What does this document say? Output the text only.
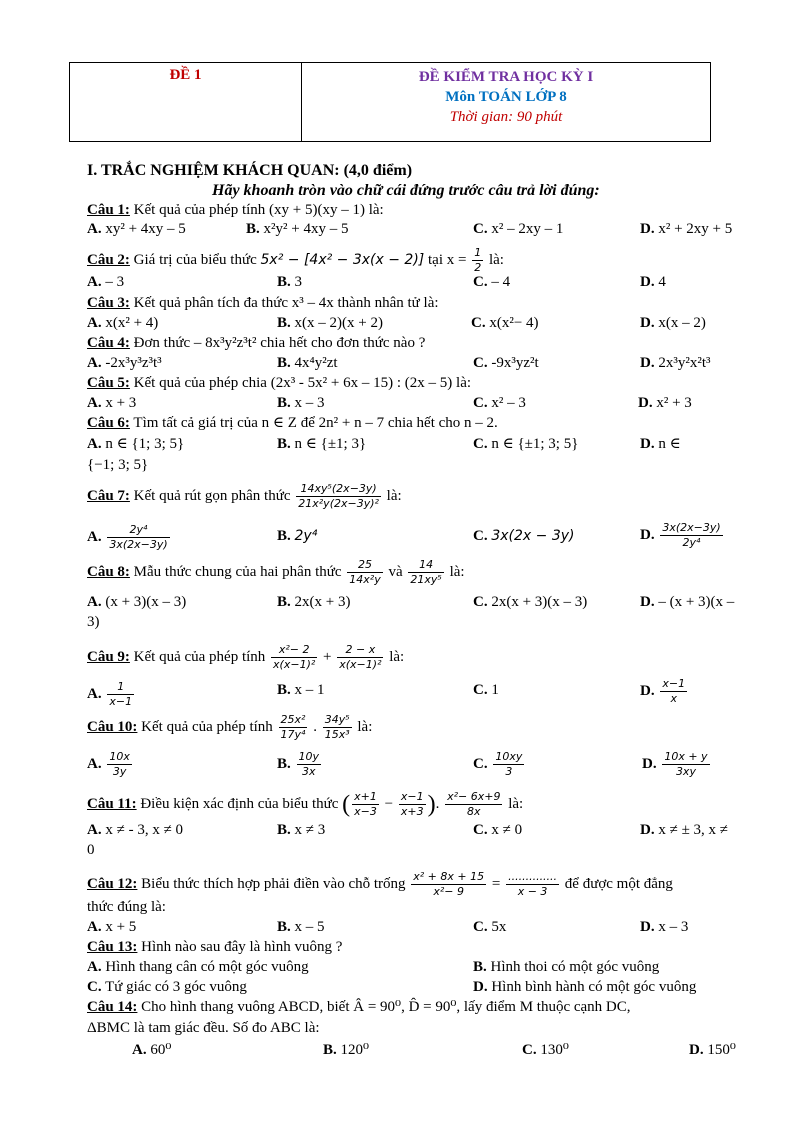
ĐỀ 1	ĐỀ KIỂM TRA HỌC KỲ I
Môn TOÁN LỚP 8
Thời gian: 90 phút
I. TRẮC NGHIỆM KHÁCH QUAN: (4,0 điểm)
Hãy khoanh tròn vào chữ cái đứng trước câu trả lời đúng:
Câu 1: Kết quả của phép tính (xy + 5)(xy – 1) là:
A. xy² + 4xy – 5	B. x²y² + 4xy – 5	C. x² – 2xy – 1	D. x² + 2xy + 5
Câu 2: Giá trị của biểu thức 5x² − [4x² − 3x(x − 2)] tại $x = \frac{1}{2}$ là:
A. – 3	B. 3	C. – 4	D. 4
Câu 3: Kết quả phân tích đa thức x³ – 4x thành nhân tử là:
A. x(x² + 4)	B. x(x – 2)(x + 2)	C. x(x²− 4)	D. x(x – 2)
Câu 4: Đơn thức – 8x³y²z³t² chia hết cho đơn thức nào ?
A. -2x³y³z³t³	B. 4x⁴y²zt	C. -9x³yz²t	D. 2x³y²x²t³
Câu 5: Kết quả của phép chia (2x³ - 5x² + 6x – 15) : (2x – 5) là:
A. x + 3	B. x – 3	C. x² – 3	D. x² + 3
Câu 6: Tìm tất cả giá trị của n ∈ Z để 2n² + n – 7 chia hết cho n – 2.
A. n ∈ {1; 3; 5}	B. n ∈ {±1; 3}	C. n ∈ {±1; 3; 5}	D. n ∈
{−1; 3; 5}
Câu 7: Kết quả rút gọn phân thức $\frac{\text{14xy⁵(2x−3y)}}{\text{21x²y(2x−3y)²}}$ là:
A. $\frac{\text{2y⁴}}{3x(2x-3y)}$	B. 2y⁴	C. 3x(2x − 3y)	D. $\frac{3x(2x-3y)}{\text{2y⁴}}$
Câu 8: Mẫu thức chung của hai phân thức $\frac{25}{\text{14x²y}}$ và $\frac{14}{\text{21xy⁵}}$ là:
A. (x + 3)(x – 3)	B. 2x(x + 3)	C. 2x(x + 3)(x – 3)	D. – (x + 3)(x –
3)
Câu 9: Kết quả của phép tính $\frac{\text{x²− 2}}{\text{x(x−1)²}} + \frac{2 - x}{\text{x(x−1)²}}$ là:
A. $\frac{1}{x-1}$	B. x – 1	C. 1	D. $\frac{x-1}{x}$
Câu 10: Kết quả của phép tính $\frac{\text{25x²}}{\text{17y⁴}}$ . $\frac{\text{34y⁵}}{\text{15x³}}$ là:
A. $\frac{10x}{3y}$	B. $\frac{10y}{3x}$	C. $\frac{10xy}{3}$	D. $\frac{10x + y}{3xy}$
Câu 11: Điều kiện xác định của biểu thức ( $\frac{x+1}{x-3} - \frac{x-1}{x+3}$ ). $\frac{\text{x²− 6x+9}}{8x}$ là:
A. x ≠ - 3, x ≠ 0	B. x ≠ 3	C. x ≠ 0	D. x ≠ ± 3, x ≠
0
Câu 12: Biểu thức thích hợp phải điền vào chỗ trống $\frac{\text{x² + 8x + 15}}{\text{x²− 9}} = \frac{..............}{x - 3}$ để được một đẳng
thức đúng là:
A. x + 5	B. x – 5	C. 5x	D. x – 3
Câu 13: Hình nào sau đây là hình vuông ?
A. Hình thang cân có một góc vuông	B. Hình thoi có một góc vuông
C. Tứ giác có 3 góc vuông	D. Hình bình hành có một góc vuông
Câu 14: Cho hình thang vuông ABCD, biết Â = 90⁰, D̂ = 90⁰, lấy điểm M thuộc cạnh DC,
ΔBMC là tam giác đều. Số đo ABC là:
A. 60⁰	B. 120⁰	C. 130⁰	D. 150⁰
